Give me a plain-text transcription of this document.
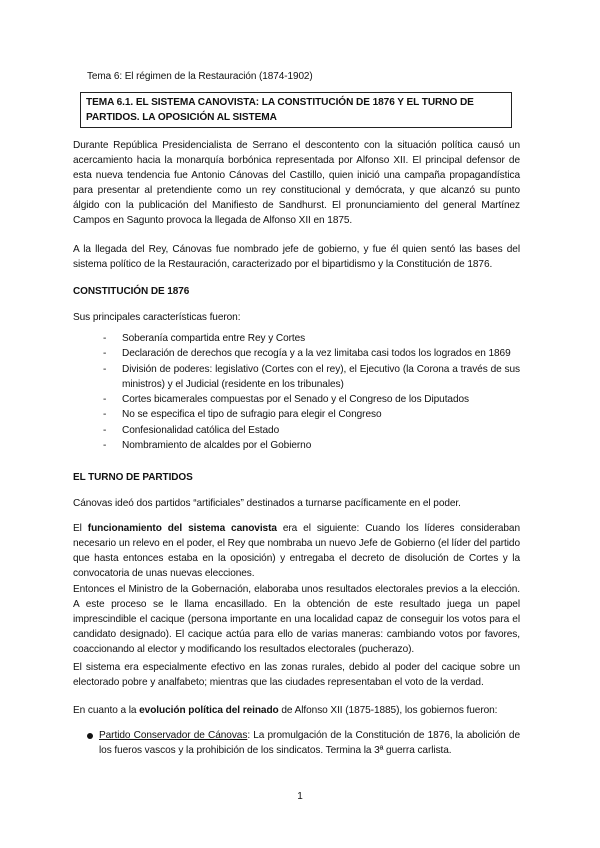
Tema 6: El régimen de la Restauración (1874-1902)

TEMA 6.1. EL SISTEMA CANOVISTA: LA CONSTITUCIÓN DE 1876 Y EL TURNO DE PARTIDOS. LA OPOSICIÓN AL SISTEMA

Durante República Presidencialista de Serrano el descontento con la situación política causó un acercamiento hacia la monarquía borbónica representada por Alfonso XII. El principal defensor de esta nueva tendencia fue Antonio Cánovas del Castillo, quien inició una campaña propagandística para presentar al pretendiente como un rey constitucional y demócrata, y que alcanzó su punto álgido con la publicación del Manifiesto de Sandhurst. El pronunciamiento del general Martínez Campos en Sagunto provoca la llegada de Alfonso XII en 1875.

A la llegada del Rey, Cánovas fue nombrado jefe de gobierno, y fue él quien sentó las bases del sistema político de la Restauración, caracterizado por el bipartidismo y la Constitución de 1876.

CONSTITUCIÓN DE 1876

Sus principales características fueron:

- Soberanía compartida entre Rey y Cortes
- Declaración de derechos que recogía y a la vez limitaba casi todos los logrados en 1869
- División de poderes: legislativo (Cortes con el rey), el Ejecutivo (la Corona a través de sus ministros) y el Judicial (residente en los tribunales)
- Cortes bicamerales compuestas por el Senado y el Congreso de los Diputados
- No se especifica el tipo de sufragio para elegir el Congreso
- Confesionalidad católica del Estado
- Nombramiento de alcaldes por el Gobierno

EL TURNO DE PARTIDOS

Cánovas ideó dos partidos “artificiales” destinados a turnarse pacíficamente en el poder.

El funcionamiento del sistema canovista era el siguiente: Cuando los líderes consideraban necesario un relevo en el poder, el Rey que nombraba un nuevo Jefe de Gobierno (el líder del partido que hasta entonces estaba en la oposición) y entregaba el decreto de disolución de Cortes y la convocatoria de unas nuevas elecciones.

Entonces el Ministro de la Gobernación, elaboraba unos resultados electorales previos a la elección. A este proceso se le llama encasillado. En la obtención de este resultado juega un papel imprescindible el cacique (persona importante en una localidad capaz de conseguir los votos para el candidato designado). El cacique actúa para ello de varias maneras: cambiando votos por favores, coaccionando al elector y modificando los resultados electorales (pucherazo).

El sistema era especialmente efectivo en las zonas rurales, debido al poder del cacique sobre un electorado pobre y analfabeto; mientras que las ciudades representaban el voto de la verdad.

En cuanto a la evolución política del reinado de Alfonso XII (1875-1885), los gobiernos fueron:

Partido Conservador de Cánovas: La promulgación de la Constitución de 1876, la abolición de los fueros vascos y la prohibición de los sindicatos. Termina la 3ª guerra carlista.

1
